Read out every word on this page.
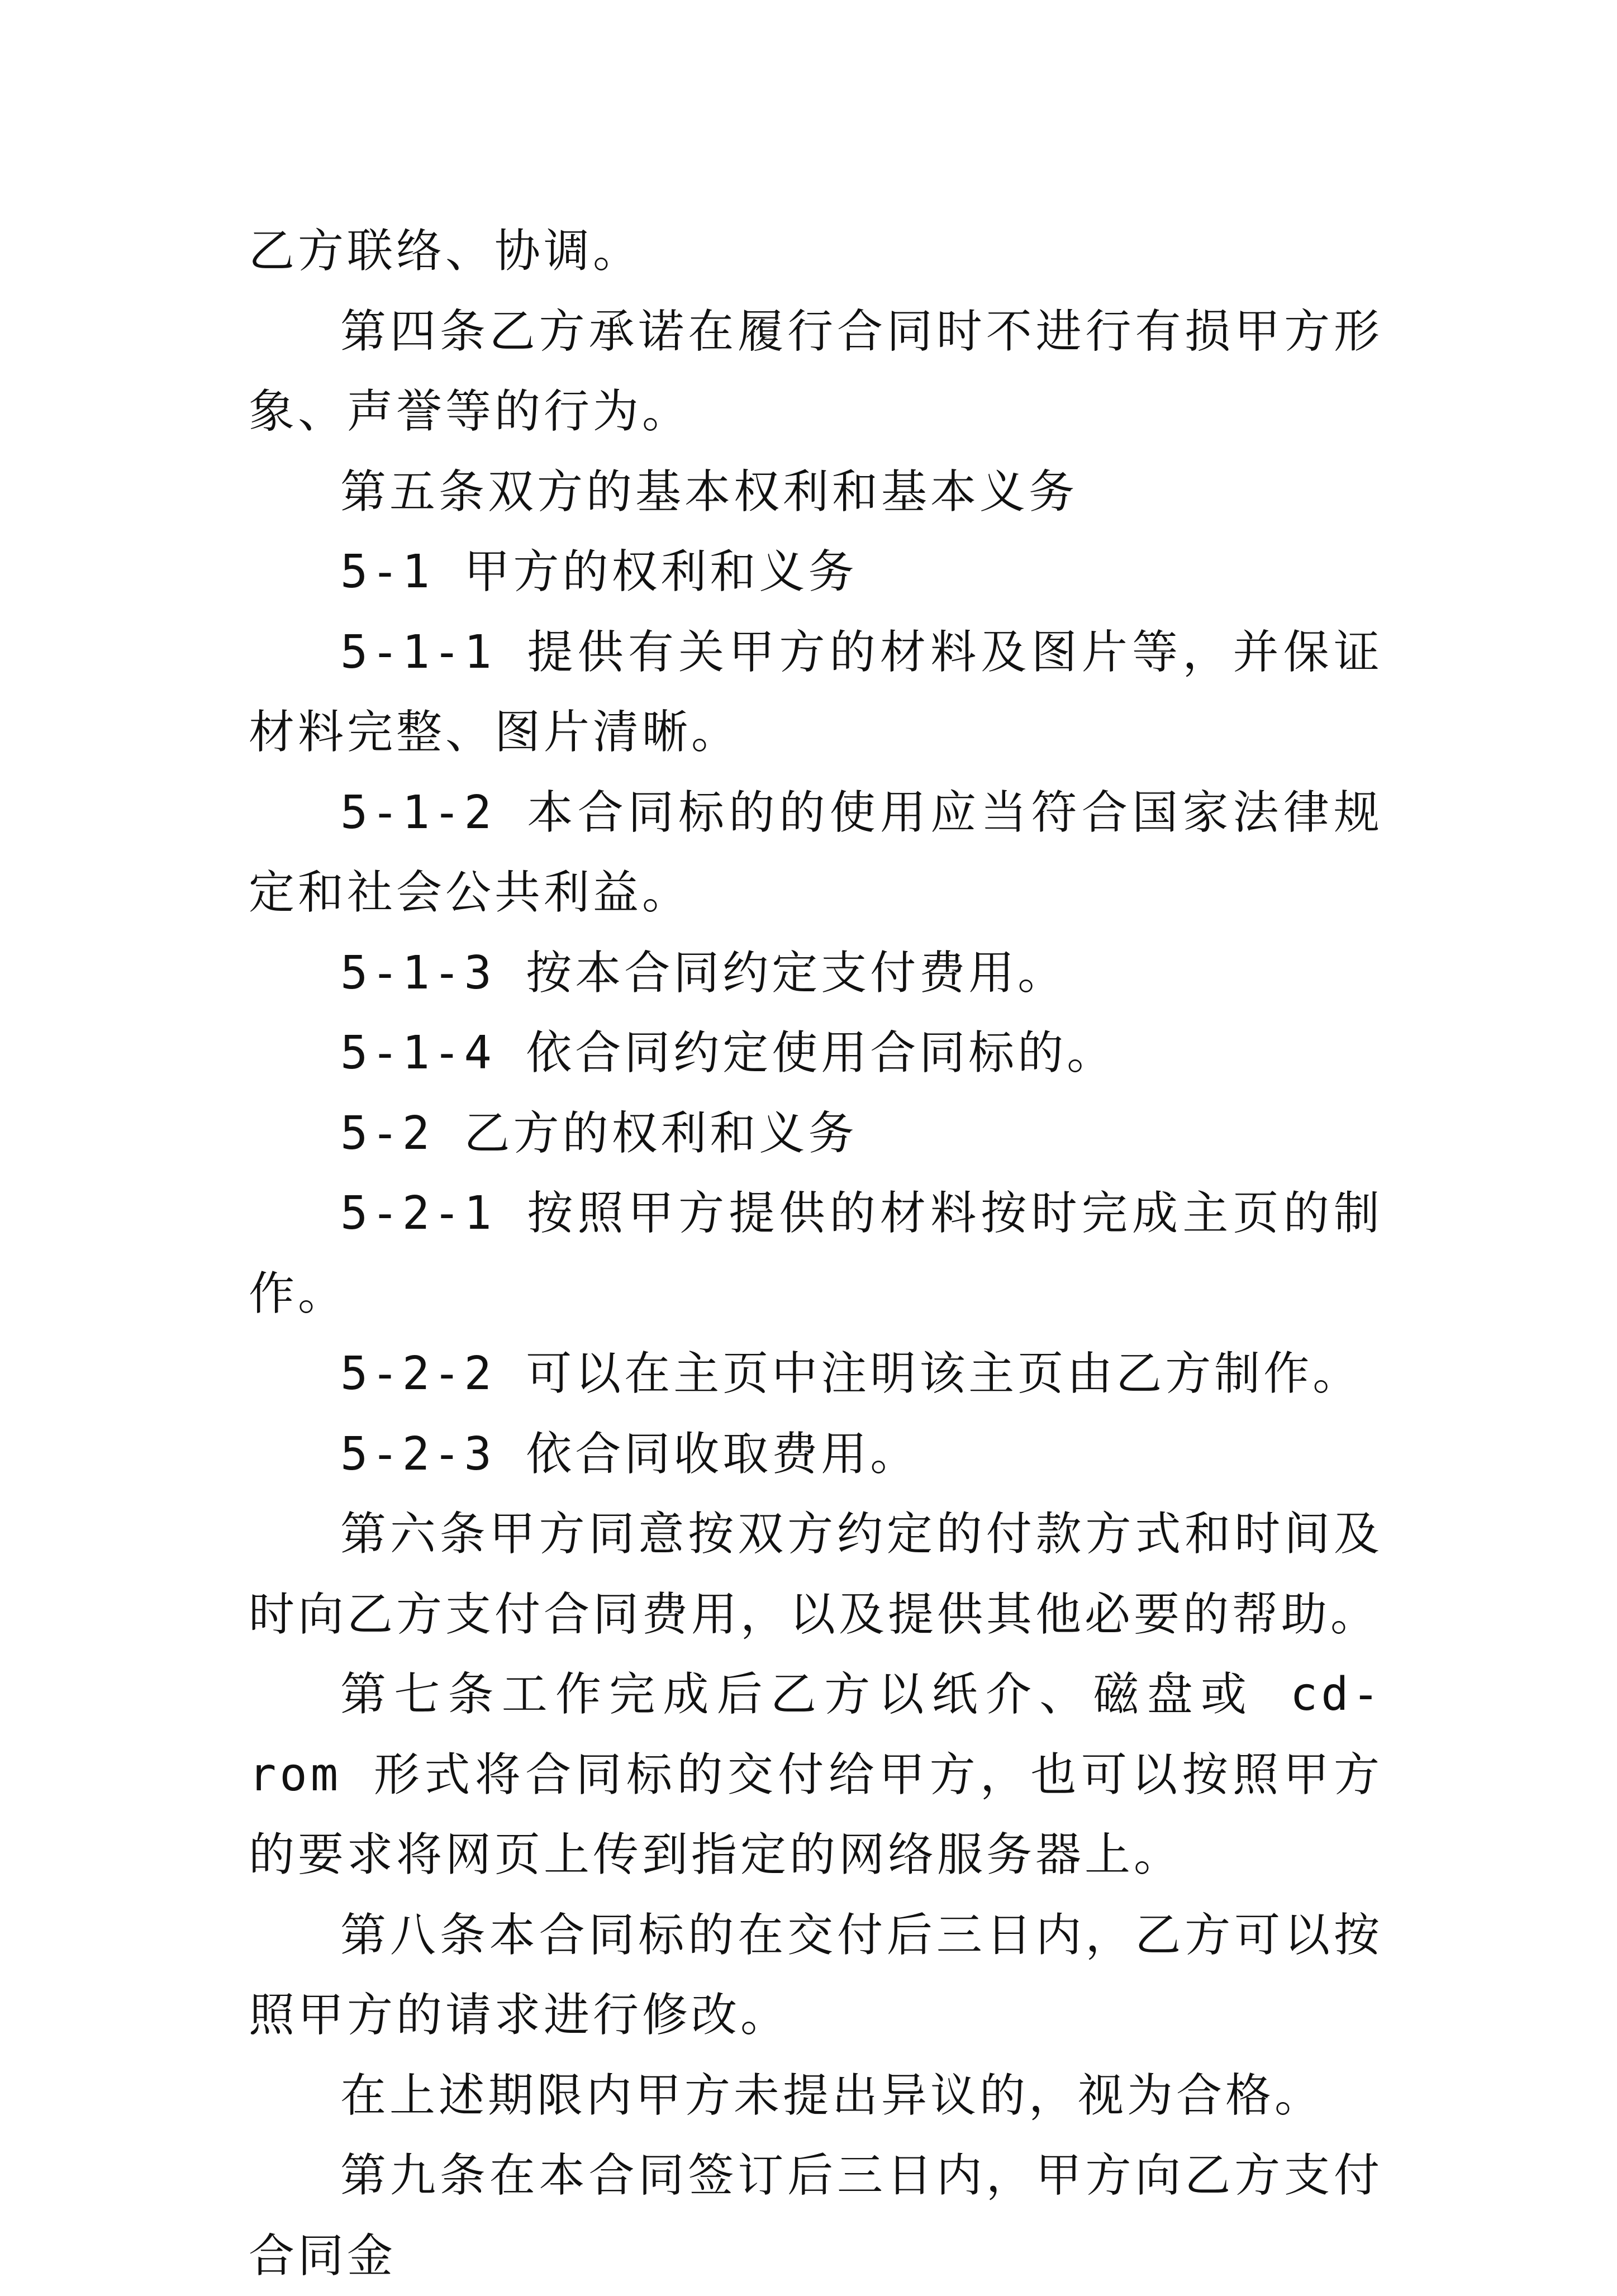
乙方联络、协调。

第四条乙方承诺在履行合同时不进行有损甲方形象、声誉等的行为。

第五条双方的基本权利和基本义务

5-1 甲方的权利和义务

5-1-1 提供有关甲方的材料及图片等，并保证材料完整、图片清晰。

5-1-2 本合同标的的使用应当符合国家法律规定和社会公共利益。

5-1-3 按本合同约定支付费用。

5-1-4 依合同约定使用合同标的。

5-2 乙方的权利和义务

5-2-1 按照甲方提供的材料按时完成主页的制作。

5-2-2 可以在主页中注明该主页由乙方制作。

5-2-3 依合同收取费用。

第六条甲方同意按双方约定的付款方式和时间及时向乙方支付合同费用，以及提供其他必要的帮助。

第七条工作完成后乙方以纸介、磁盘或 cd-rom 形式将合同标的交付给甲方，也可以按照甲方的要求将网页上传到指定的网络服务器上。

第八条本合同标的在交付后三日内，乙方可以按照甲方的请求进行修改。

在上述期限内甲方未提出异议的，视为合格。

第九条在本合同签订后三日内，甲方向乙方支付合同金
